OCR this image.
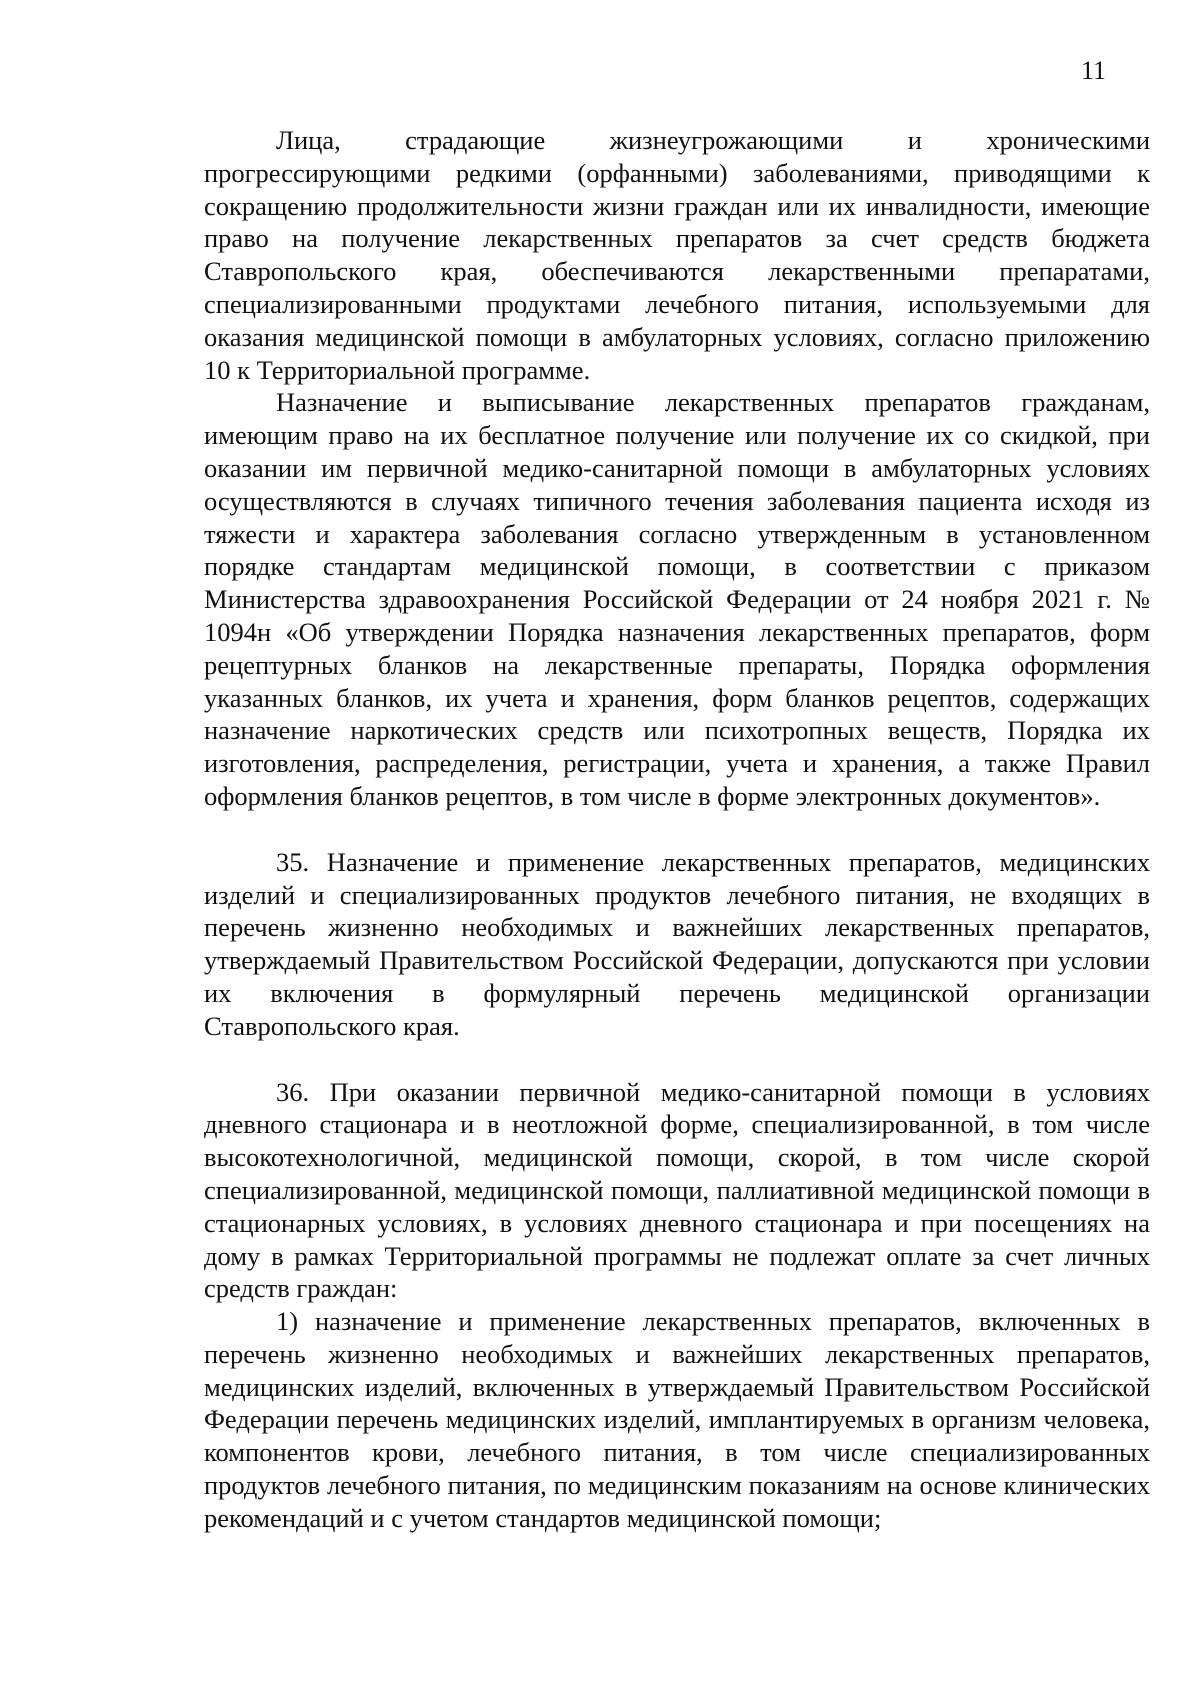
11

Лица, страдающие жизнеугрожающими и хроническими прогрессирующими редкими (орфанными) заболеваниями, приводящими к сокращению продолжительности жизни граждан или их инвалидности, имеющие право на получение лекарственных препаратов за счет средств бюджета Ставропольского края, обеспечиваются лекарственными препаратами, специализированными продуктами лечебного питания, используемыми для оказания медицинской помощи в амбулаторных условиях, согласно приложению 10 к Территориальной программе.

Назначение и выписывание лекарственных препаратов гражданам, имеющим право на их бесплатное получение или получение их со скидкой, при оказании им первичной медико-санитарной помощи в амбулаторных условиях осуществляются в случаях типичного течения заболевания пациента исходя из тяжести и характера заболевания согласно утвержденным в установленном порядке стандартам медицинской помощи, в соответствии с приказом Министерства здравоохранения Российской Федерации от 24 ноября 2021 г. № 1094н «Об утверждении Порядка назначения лекарственных препаратов, форм рецептурных бланков на лекарственные препараты, Порядка оформления указанных бланков, их учета и хранения, форм бланков рецептов, содержащих назначение наркотических средств или психотропных веществ, Порядка их изготовления, распределения, регистрации, учета и хранения, а также Правил оформления бланков рецептов, в том числе в форме электронных документов».

35. Назначение и применение лекарственных препаратов, медицинских изделий и специализированных продуктов лечебного питания, не входящих в перечень жизненно необходимых и важнейших лекарственных препаратов, утверждаемый Правительством Российской Федерации, допускаются при условии их включения в формулярный перечень медицинской организации Ставропольского края.

36. При оказании первичной медико-санитарной помощи в условиях дневного стационара и в неотложной форме, специализированной, в том числе высокотехнологичной, медицинской помощи, скорой, в том числе скорой специализированной, медицинской помощи, паллиативной медицинской помощи в стационарных условиях, в условиях дневного стационара и при посещениях на дому в рамках Территориальной программы не подлежат оплате за счет личных средств граждан:

1) назначение и применение лекарственных препаратов, включенных в перечень жизненно необходимых и важнейших лекарственных препаратов, медицинских изделий, включенных в утверждаемый Правительством Российской Федерации перечень медицинских изделий, имплантируемых в организм человека, компонентов крови, лечебного питания, в том числе специализированных продуктов лечебного питания, по медицинским показаниям на основе клинических рекомендаций и с учетом стандартов медицинской помощи;
